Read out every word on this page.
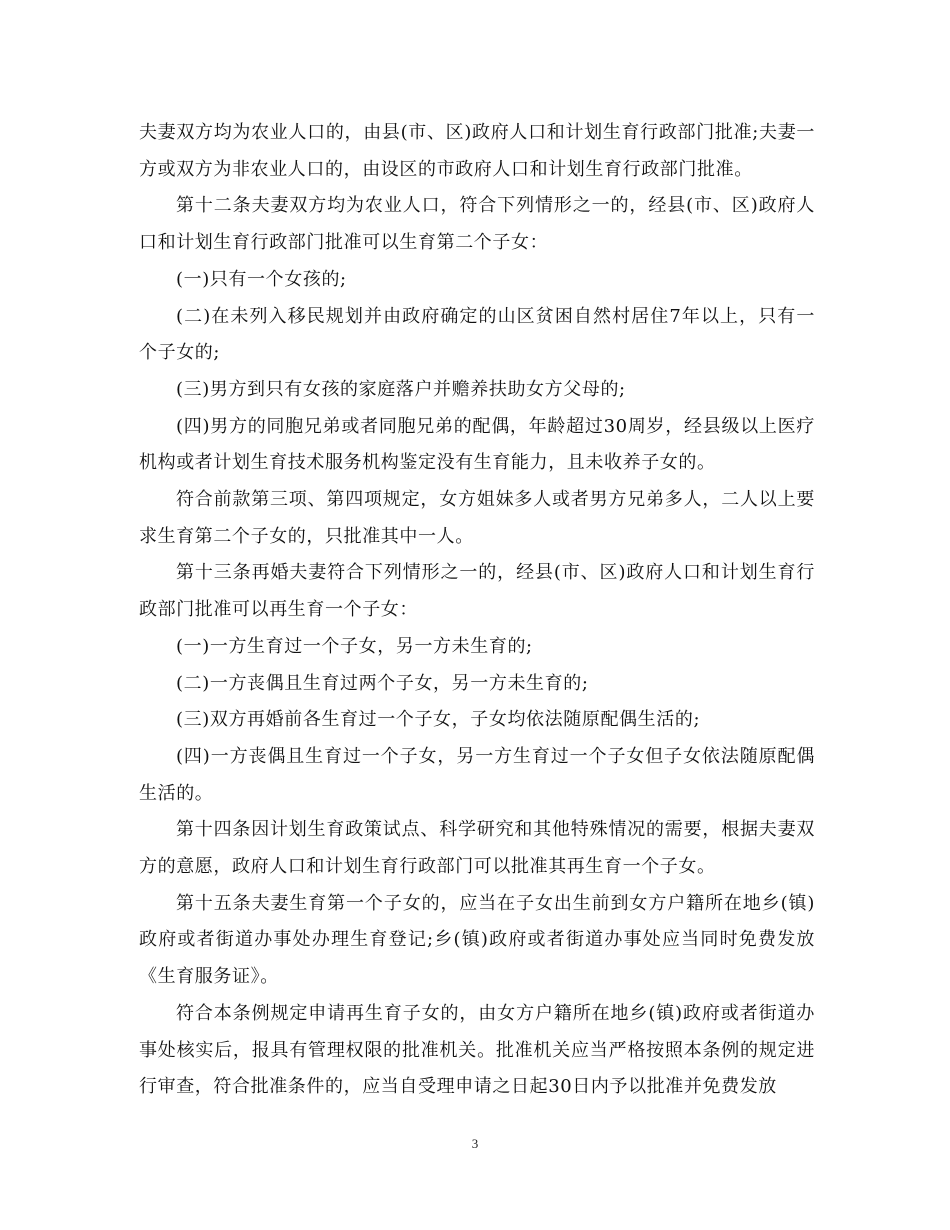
夫妻双方均为农业人口的，由县(市、区)政府人口和计划生育行政部门批准;夫妻一方或双方为非农业人口的，由设区的市政府人口和计划生育行政部门批准。

第十二条夫妻双方均为农业人口，符合下列情形之一的，经县(市、区)政府人口和计划生育行政部门批准可以生育第二个子女：

(一)只有一个女孩的;

(二)在未列入移民规划并由政府确定的山区贫困自然村居住7年以上，只有一个子女的;

(三)男方到只有女孩的家庭落户并赡养扶助女方父母的;

(四)男方的同胞兄弟或者同胞兄弟的配偶，年龄超过30周岁，经县级以上医疗机构或者计划生育技术服务机构鉴定没有生育能力，且未收养子女的。

符合前款第三项、第四项规定，女方姐妹多人或者男方兄弟多人，二人以上要求生育第二个子女的，只批准其中一人。

第十三条再婚夫妻符合下列情形之一的，经县(市、区)政府人口和计划生育行政部门批准可以再生育一个子女：

(一)一方生育过一个子女，另一方未生育的;

(二)一方丧偶且生育过两个子女，另一方未生育的;

(三)双方再婚前各生育过一个子女，子女均依法随原配偶生活的;

(四)一方丧偶且生育过一个子女，另一方生育过一个子女但子女依法随原配偶生活的。

第十四条因计划生育政策试点、科学研究和其他特殊情况的需要，根据夫妻双方的意愿，政府人口和计划生育行政部门可以批准其再生育一个子女。

第十五条夫妻生育第一个子女的，应当在子女出生前到女方户籍所在地乡(镇)政府或者街道办事处办理生育登记;乡(镇)政府或者街道办事处应当同时免费发放《生育服务证》。

符合本条例规定申请再生育子女的，由女方户籍所在地乡(镇)政府或者街道办事处核实后，报具有管理权限的批准机关。批准机关应当严格按照本条例的规定进行审查，符合批准条件的，应当自受理申请之日起30日内予以批准并免费发放

3
